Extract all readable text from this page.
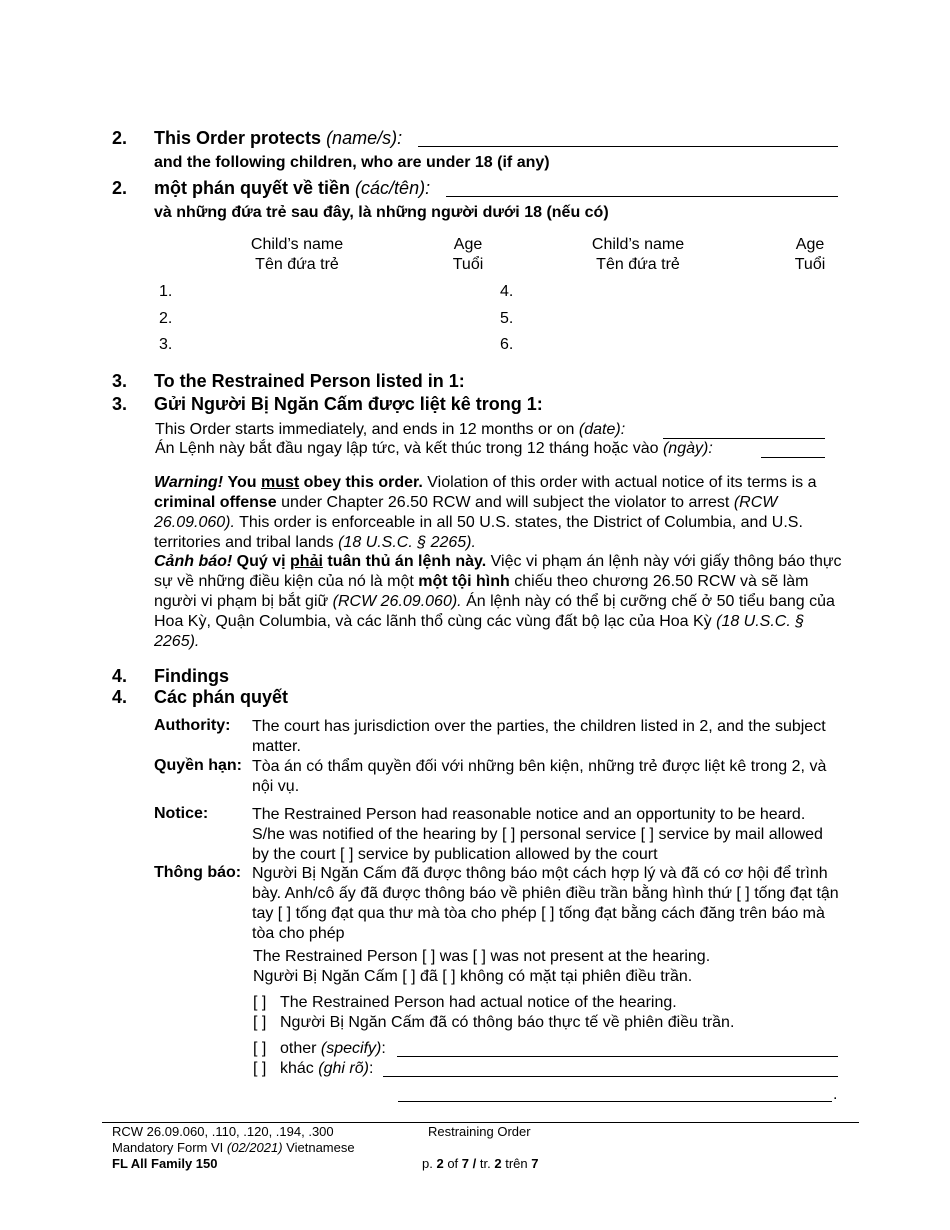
2. This Order protects (name/s):
and the following children, who are under 18 (if any)
2. một phán quyết về tiền (các/tên):
và những đứa trẻ sau đây, là những người dưới 18 (nếu có)
Child’s name
Tên đứa trẻ
Age
Tuổi
Child’s name
Tên đứa trẻ
Age
Tuổi
1.
2.
3.
4.
5.
6.
3. To the Restrained Person listed in 1:
3. Gửi Người Bị Ngăn Cấm được liệt kê trong 1:
This Order starts immediately, and ends in 12 months or on (date):
Án Lệnh này bắt đầu ngay lập tức, và kết thúc trong 12 tháng hoặc vào (ngày):
Warning! You must obey this order. Violation of this order with actual notice of its terms is a criminal offense under Chapter 26.50 RCW and will subject the violator to arrest (RCW 26.09.060). This order is enforceable in all 50 U.S. states, the District of Columbia, and U.S. territories and tribal lands (18 U.S.C. § 2265).
Cảnh báo! Quý vị phải tuân thủ án lệnh này. Việc vi phạm án lệnh này với giấy thông báo thực sự về những điều kiện của nó là một một tội hình chiếu theo chương 26.50 RCW và sẽ làm người vi phạm bị bắt giữ (RCW 26.09.060). Án lệnh này có thể bị cưỡng chế ở 50 tiểu bang của Hoa Kỳ, Quận Columbia, và các lãnh thổ cùng các vùng đất bộ lạc của Hoa Kỳ (18 U.S.C. § 2265).
4. Findings
4. Các phán quyết
Authority: The court has jurisdiction over the parties, the children listed in 2, and the subject matter.
Quyền hạn: Tòa án có thẩm quyền đối với những bên kiện, những trẻ được liệt kê trong 2, và nội vụ.
Notice:	The Restrained Person had reasonable notice and an opportunity to be heard. S/he was notified of the hearing by [ ] personal service [ ] service by mail allowed by the court [ ] service by publication allowed by the court
Thông báo: Người Bị Ngăn Cấm đã được thông báo một cách hợp lý và đã có cơ hội để trình bày. Anh/cô ấy đã được thông báo về phiên điều trần bằng hình thứ [ ] tống đạt tận tay [ ] tống đạt qua thư mà tòa cho phép [ ] tống đạt bằng cách đăng trên báo mà tòa cho phép
The Restrained Person [ ] was [ ] was not present at the hearing.
Người Bị Ngăn Cấm [ ] đã [ ] không có mặt tại phiên điều trần.
[ ] The Restrained Person had actual notice of the hearing.
[ ] Người Bị Ngăn Cấm đã có thông báo thực tế về phiên điều trần.
[ ] other (specify):
[ ] khác (ghi rõ):
.
RCW 26.09.060, .110, .120, .194, .300
Mandatory Form VI (02/2021) Vietnamese
FL All Family 150
Restraining Order
p. 2 of 7 / tr. 2 trên 7
